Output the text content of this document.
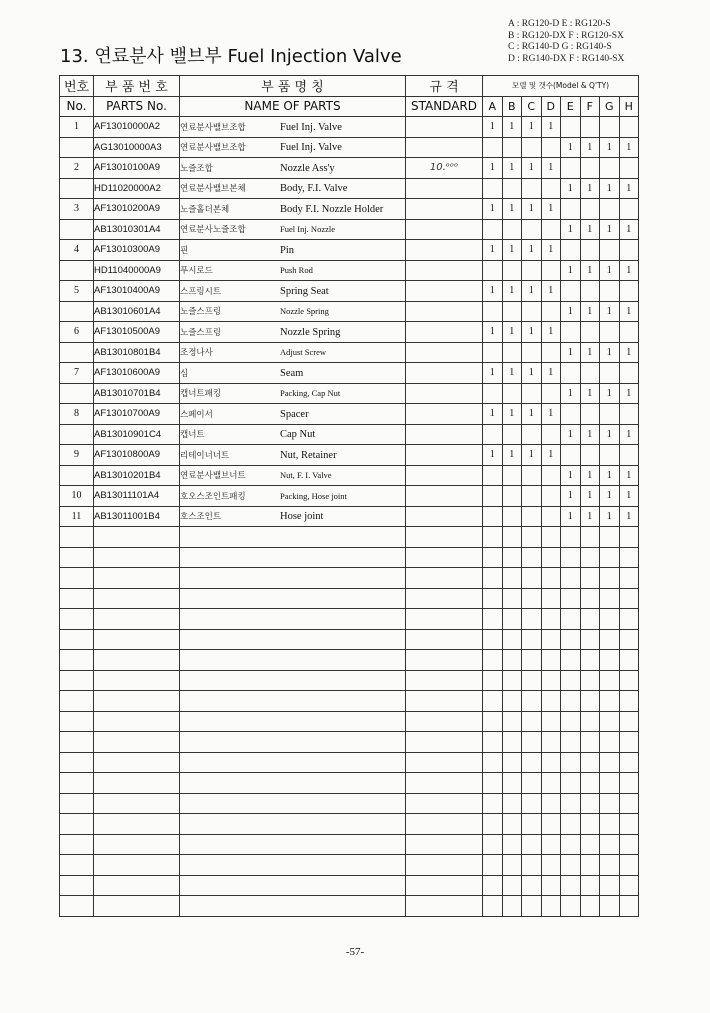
A : RG120-D E : RG120-S
B : RG120-DX F : RG120-SX
C : RG140-D G : RG140-S
D : RG140-DX F : RG140-SX
13. 연료분사 밸브부 Fuel Injection Valve
번호	부 품 번 호	부 품 명 칭	규 격	모델 및 갯수(Model & Q'TY)							
No.	PARTS No.	NAME OF PARTS	STANDARD	A	B	C	D	E	F	G	H
1	AF13010000A2	연료분사밸브조합 Fuel Inj. Valve		1	1	1	1				
	AG13010000A3	연료분사밸브조합 Fuel Inj. Valve						1	1	1	1
2	AF13010100A9	노즐조합 Nozzle Ass'y	10.ᵒᵒᵒ	1	1	1	1				
	HD11020000A2	연료분사밸브본체 Body, F.I. Valve						1	1	1	1
3	AF13010200A9	노즐홀더본체 Body F.I. Nozzle Holder		1	1	1	1				
	AB13010301A4	연료분사노즐조합 Fuel Inj. Nozzle						1	1	1	1
4	AF13010300A9	핀 Pin		1	1	1	1				
	HD11040000A9	푸시로드 Push Rod						1	1	1	1
5	AF13010400A9	스프링시트 Spring Seat		1	1	1	1				
	AB13010601A4	노즐스프링 Nozzle Spring						1	1	1	1
6	AF13010500A9	노즐스프링 Nozzle Spring		1	1	1	1				
	AB13010801B4	조정나사 Adjust Screw						1	1	1	1
7	AF13010600A9	심 Seam		1	1	1	1				
	AB13010701B4	캡너트패킹 Packing, Cap Nut						1	1	1	1
8	AF13010700A9	스페이서 Spacer		1	1	1	1				
	AB13010901C4	캡너트 Cap Nut						1	1	1	1
9	AF13010800A9	리테이너너트 Nut, Retainer		1	1	1	1				
	AB13010201B4	연료분사밸브너트 Nut, F. I. Valve						1	1	1	1
10	AB13011101A4	호오스조인트패킹 Packing, Hose joint						1	1	1	1
11	AB13011001B4	호스조인트 Hose joint						1	1	1	1

-57-
